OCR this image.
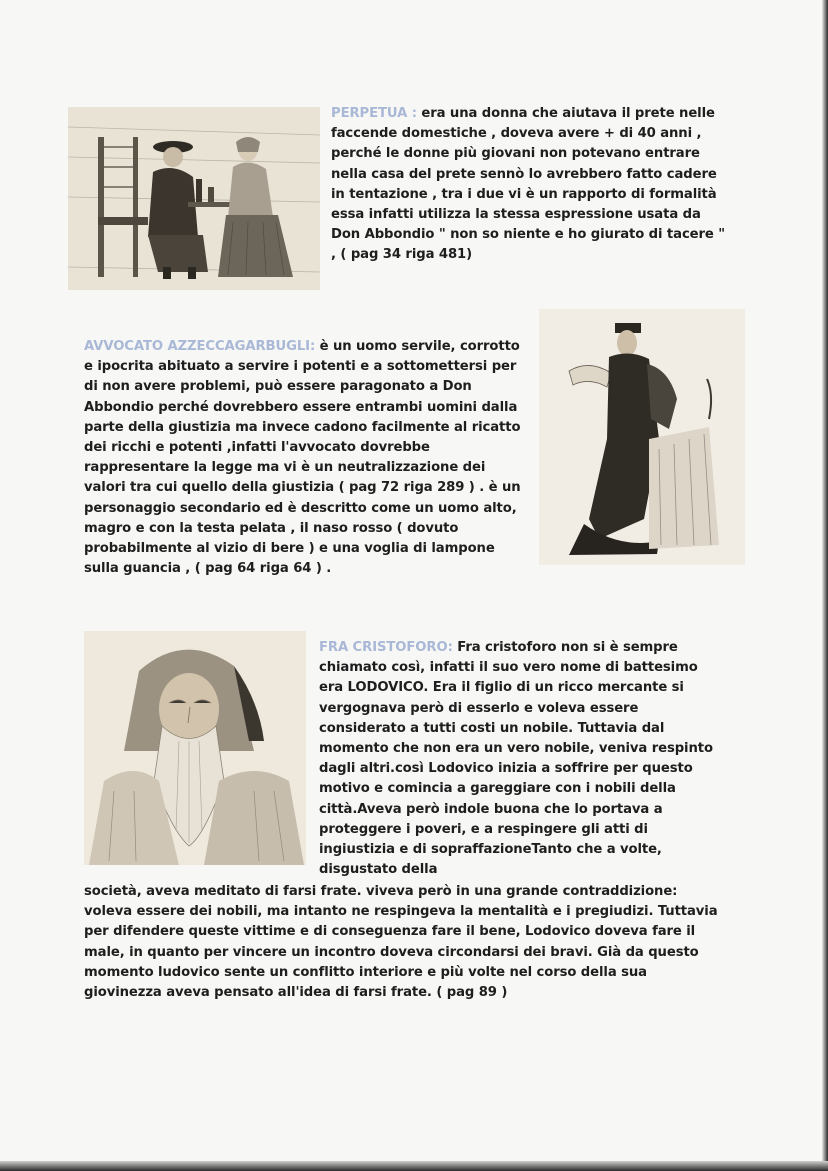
PERPETUA : era una donna che aiutava il prete nelle faccende domestiche , doveva avere + di 40 anni , perché le donne più giovani non potevano entrare nella casa del prete sennò lo avrebbero fatto cadere in tentazione , tra i due vi è un rapporto di formalità essa infatti utilizza la stessa espressione usata da Don Abbondio " non so niente e ho giurato di tacere " , ( pag 34 riga 481)
AVVOCATO AZZECCAGARBUGLI: è un uomo servile, corrotto e ipocrita abituato a servire i potenti e a sottomettersi per di non avere problemi, può essere paragonato a Don Abbondio perché dovrebbero essere entrambi uomini dalla parte della giustizia ma invece cadono facilmente al ricatto dei ricchi e potenti ,infatti l'avvocato dovrebbe rappresentare la legge ma vi è un neutralizzazione dei valori tra cui quello della giustizia ( pag 72 riga 289 ) . è un personaggio secondario ed è descritto come un uomo alto, magro e con la testa pelata , il naso rosso ( dovuto probabilmente al vizio di bere ) e una voglia di lampone sulla guancia , ( pag 64 riga 64 ) .
FRA CRISTOFORO: Fra cristoforo non si è sempre chiamato così, infatti il suo vero nome di battesimo era LODOVICO. Era il figlio di un ricco mercante si vergognava però di esserlo e voleva essere considerato a tutti costi un nobile. Tuttavia dal momento che non era un vero nobile, veniva respinto dagli altri.così Lodovico inizia a soffrire per questo motivo e comincia a gareggiare con i nobili della città.Aveva però indole buona che lo portava a proteggere i poveri, e a respingere gli atti di ingiustizia e di sopraffazioneTanto che a volte, disgustato della
società, aveva meditato di farsi frate. viveva però in una grande contraddizione: voleva essere dei nobili, ma intanto ne respingeva la mentalità e i pregiudizi. Tuttavia per difendere queste vittime e di conseguenza fare il bene, Lodovico doveva fare il male, in quanto per vincere un incontro doveva circondarsi dei bravi. Già da questo momento ludovico sente un conflitto interiore e più volte nel corso della sua giovinezza aveva pensato all'idea di farsi frate. ( pag 89 )
